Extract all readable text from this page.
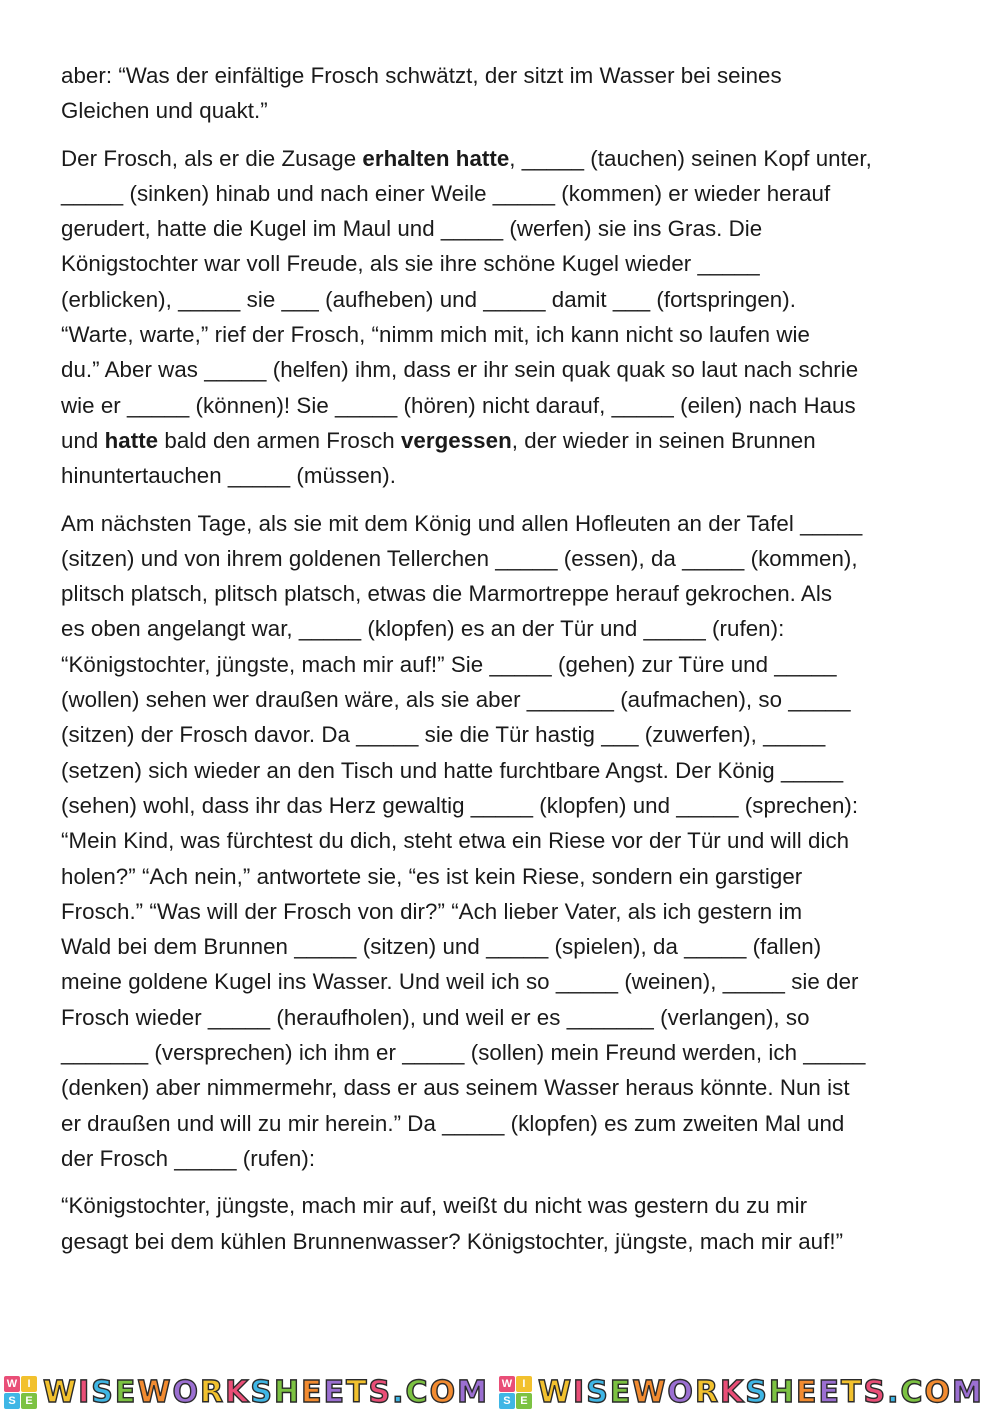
aber: “Was der einfältige Frosch schwätzt, der sitzt im Wasser bei seines
Gleichen und quakt.”

Der Frosch, als er die Zusage erhalten hatte, _____ (tauchen) seinen Kopf unter,
_____ (sinken) hinab und nach einer Weile _____ (kommen) er wieder herauf
gerudert, hatte die Kugel im Maul und _____ (werfen) sie ins Gras. Die
Königstochter war voll Freude, als sie ihre schöne Kugel wieder _____
(erblicken), _____ sie ___ (aufheben) und _____ damit ___ (fortspringen).
“Warte, warte,” rief der Frosch, “nimm mich mit, ich kann nicht so laufen wie
du.” Aber was _____ (helfen) ihm, dass er ihr sein quak quak so laut nach schrie
wie er _____ (können)! Sie _____ (hören) nicht darauf, _____ (eilen) nach Haus
und hatte bald den armen Frosch vergessen, der wieder in seinen Brunnen
hinuntertauchen _____ (müssen).

Am nächsten Tage, als sie mit dem König und allen Hofleuten an der Tafel _____
(sitzen) und von ihrem goldenen Tellerchen _____ (essen), da _____ (kommen),
plitsch platsch, plitsch platsch, etwas die Marmortreppe herauf gekrochen. Als
es oben angelangt war, _____ (klopfen) es an der Tür und _____ (rufen):
“Königstochter, jüngste, mach mir auf!” Sie _____ (gehen) zur Türe und _____
(wollen) sehen wer draußen wäre, als sie aber _______ (aufmachen), so _____
(sitzen) der Frosch davor. Da _____ sie die Tür hastig ___ (zuwerfen), _____
(setzen) sich wieder an den Tisch und hatte furchtbare Angst. Der König _____
(sehen) wohl, dass ihr das Herz gewaltig _____ (klopfen) und _____ (sprechen):
“Mein Kind, was fürchtest du dich, steht etwa ein Riese vor der Tür und will dich
holen?” “Ach nein,” antwortete sie, “es ist kein Riese, sondern ein garstiger
Frosch.” “Was will der Frosch von dir?” “Ach lieber Vater, als ich gestern im
Wald bei dem Brunnen _____ (sitzen) und _____ (spielen), da _____ (fallen)
meine goldene Kugel ins Wasser. Und weil ich so _____ (weinen), _____ sie der
Frosch wieder _____ (heraufholen), und weil er es _______ (verlangen), so
_______ (versprechen) ich ihm er _____ (sollen) mein Freund werden, ich _____
(denken) aber nimmermehr, dass er aus seinem Wasser heraus könnte. Nun ist
er draußen und will zu mir herein.” Da _____ (klopfen) es zum zweiten Mal und
der Frosch _____ (rufen):

“Königstochter, jüngste, mach mir auf, weißt du nicht was gestern du zu mir
gesagt bei dem kühlen Brunnenwasser? Königstochter, jüngste, mach mir auf!”

W I
S E WISEWORKSHEETS.COM W I
S E WISEWORKSHEETS.COM
